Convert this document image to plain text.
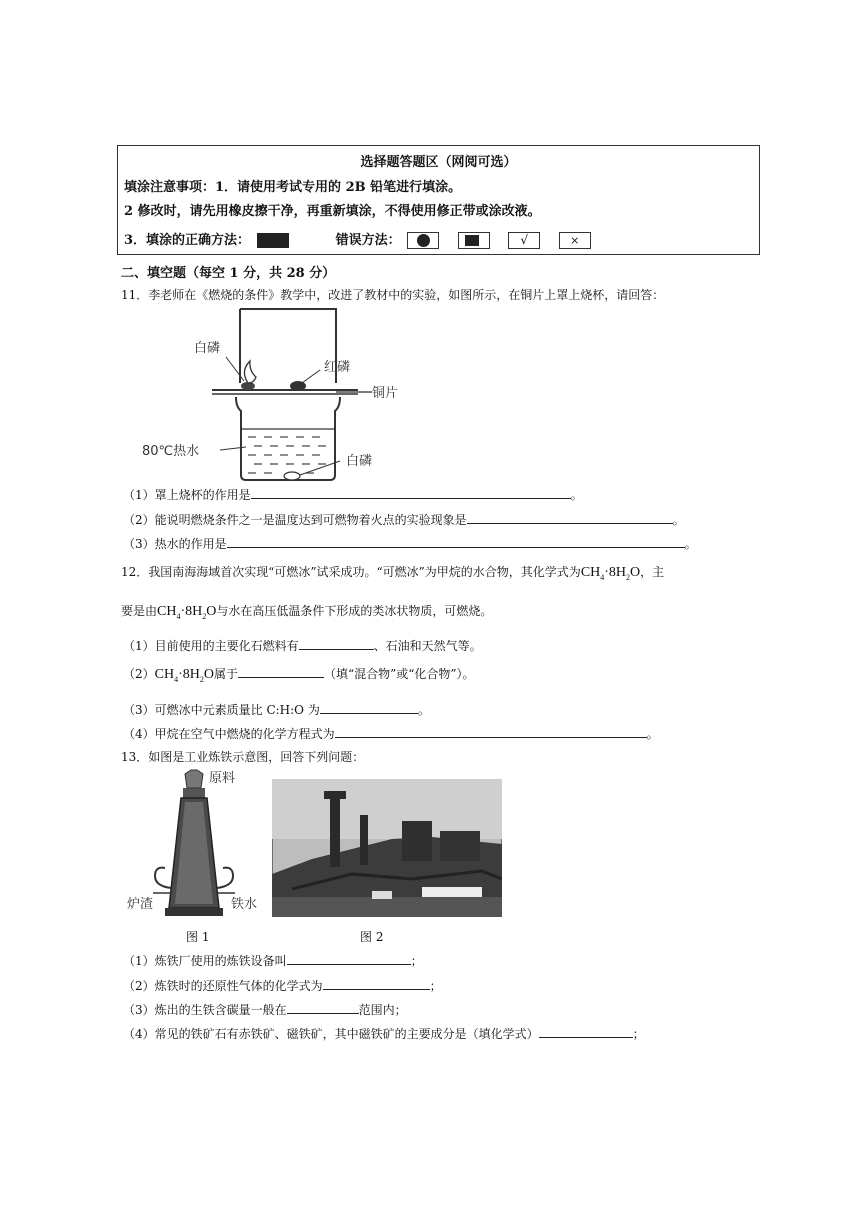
选择题答题区（网阅可选）
填涂注意事项：1．请使用考试专用的 2B 铅笔进行填涂。
2 修改时，请先用橡皮擦干净，再重新填涂，不得使用修正带或涂改液。
3．填涂的正确方法：	错误方法：
	√	×
二、填空题（每空 1 分，共 28 分）
11．李老师在《燃烧的条件》教学中，改进了教材中的实验，如图所示，在铜片上罩上烧杯，请回答：
白磷
红磷
铜片
80℃热水
白磷
（1）罩上烧杯的作用是	。
（2）能说明燃烧条件之一是温度达到可燃物着火点的实验现象是	。
（3）热水的作用是	。
12．我国南海海域首次实现“可燃冰”试采成功。“可燃冰”为甲烷的水合物，其化学式为$CH_4\cdot 8H_2O$，主
要是由$CH_4\cdot 8H_2O$与水在高压低温条件下形成的类冰状物质，可燃烧。
（1）目前使用的主要化石燃料有	、石油和天然气等。
$(2)CH_4\cdot 8H_2O$属于	（填“混合物”或“化合物”）。
（3）可燃冰中元素质量比 C:H:O 为	。
（4）甲烷在空气中燃烧的化学方程式为	。
13．如图是工业炼铁示意图，回答下列问题：
原料
炉渣	铁水
图 1	图 2
（1）炼铁厂使用的炼铁设备叫	；
（2）炼铁时的还原性气体的化学式为	；
（3）炼出的生铁含碳量一般在	范围内；
（4）常见的铁矿石有赤铁矿、磁铁矿，其中磁铁矿的主要成分是（填化学式）	；
